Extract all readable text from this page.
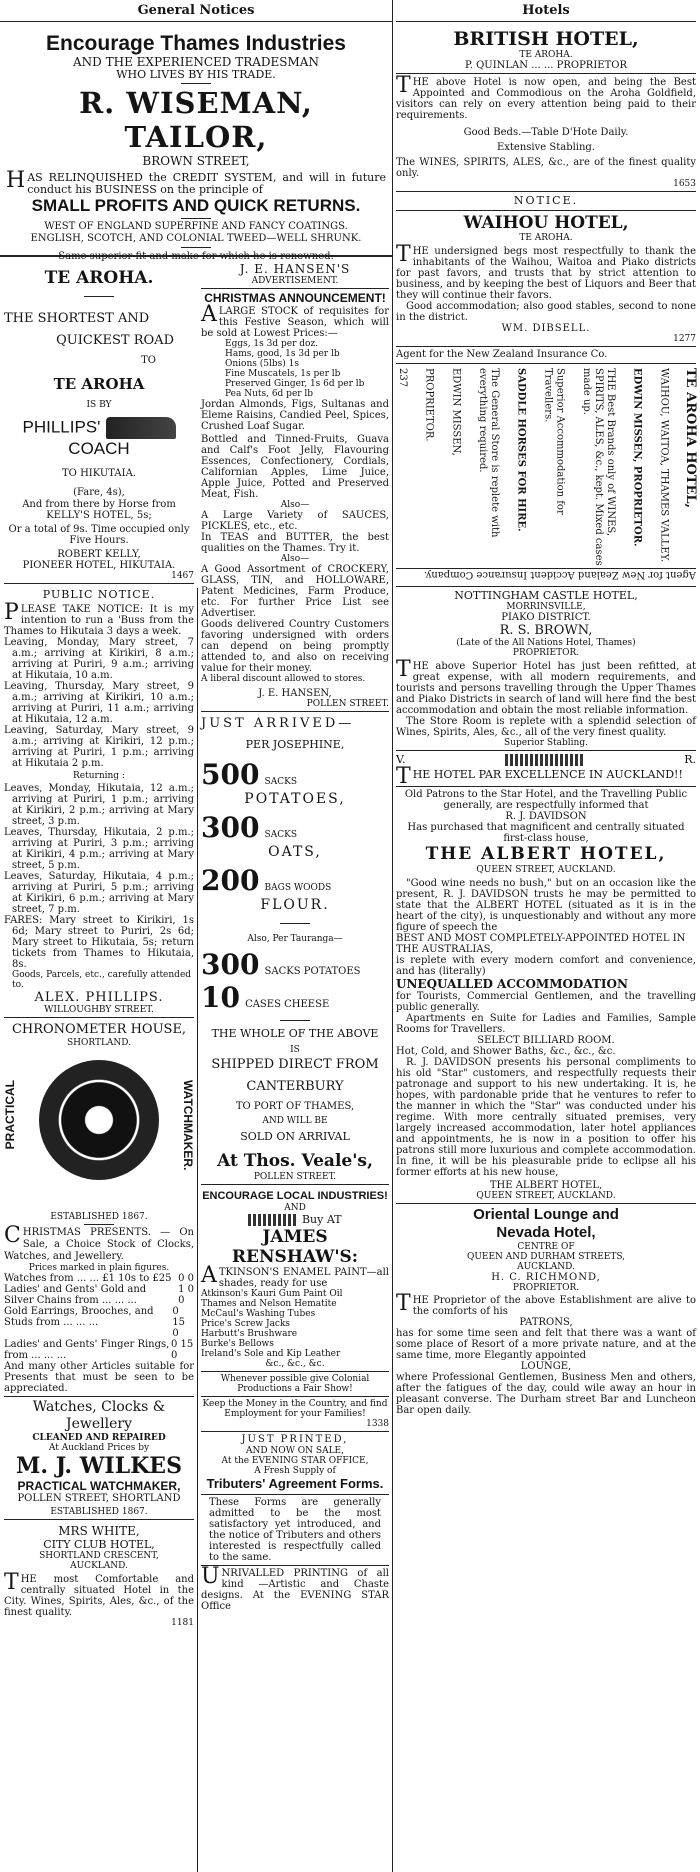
General Notices
Encourage Thames Industries
AND THE EXPERIENCED TRADESMAN
WHO LIVES BY HIS TRADE.
R. WISEMAN, TAILOR,
BROWN STREET,
HAS RELINQUISHED the CREDIT SYSTEM, and will in future conduct his BUSINESS on the principle of
SMALL PROFITS AND QUICK RETURNS.
WEST OF ENGLAND SUPERFINE AND FANCY COATINGS.
ENGLISH, SCOTCH, AND COLONIAL TWEED—WELL SHRUNK.
Same superior fit and make for which he is renowned.
TE AROHA.
THE SHORTEST AND
QUICKEST ROAD
TO
TE AROHA
IS BY
PHILLIPS'  COACH
TO HIKUTAIA.
(Fare, 4s),
And from there by Horse from KELLY'S HOTEL, 5s;
Or a total of 9s. Time occupied only Five Hours.
ROBERT KELLY,
PIONEER HOTEL, HIKUTAIA.
1467
PUBLIC NOTICE.
PLEASE TAKE NOTICE: It is my intention to run a 'Buss from the Thames to Hikutaia 3 days a week.
Leaving, Monday, Mary street, 7 a.m.; arriving at Kirikiri, 8 a.m.; arriving at Puriri, 9 a.m.; arriving at Hikutaia, 10 a.m.
Leaving, Thursday, Mary street, 9 a.m.; arriving at Kirikiri, 10 a.m.; arriving at Puriri, 11 a.m.; arriving at Hikutaia, 12 a.m.
Leaving, Saturday, Mary street, 9 a.m.; arriving at Kirikiri, 12 p.m.; arriving at Puriri, 1 p.m.; arriving at Hikutaia 2 p.m.
Returning :
Leaves, Monday, Hikutaia, 12 a.m.; arriving at Puriri, 1 p.m.; arriving at Kirikiri, 2 p.m.; arriving at Mary street, 3 p.m.
Leaves, Thursday, Hikutaia, 2 p.m.; arriving at Puriri, 3 p.m.; arriving at Kirikiri, 4 p.m.; arriving at Mary street, 5 p.m.
Leaves, Saturday, Hikutaia, 4 p.m.; arriving at Puriri, 5 p.m.; arriving at Kirikiri, 6 p.m.; arriving at Mary street, 7 p.m.
FARES: Mary street to Kirikiri, 1s 6d; Mary street to Puriri, 2s 6d; Mary street to Hikutaia, 5s; return tickets from Thames to Hikutaia, 8s.
Goods, Parcels, etc., carefully attended to.
ALEX. PHILLIPS.
WILLOUGHBY STREET.
CHRONOMETER HOUSE,
SHORTLAND.
PRACTICAL	WATCHMAKER.
ESTABLISHED 1867.
CHRISTMAS PRESENTS. — On Sale, a Choice Stock of Clocks, Watches, and Jewellery.
Prices marked in plain figures.
Watches from ... ... £1 10s to £25 0 0
Ladies' and Gents' Gold and Silver Chains from ... ... ...
1 0 0
Gold Earrings, Brooches, and Studs from ... ... ...
0 15 0
Ladies' and Gents' Finger Rings, from ... ... ...
0 15 0
And many other Articles suitable for Presents that must be seen to be appreciated.
Watches, Clocks & Jewellery
CLEANED AND REPAIRED
At Auckland Prices by
M. J. WILKES
PRACTICAL WATCHMAKER,
POLLEN STREET, SHORTLAND
ESTABLISHED 1867.
MRS WHITE,
CITY CLUB HOTEL,
SHORTLAND CRESCENT,
AUCKLAND.
THE most Comfortable and centrally situated Hotel in the City. Wines, Spirits, Ales, &c., of the finest quality.
1181
J. E. HANSEN'S
ADVERTISEMENT.
CHRISTMAS ANNOUNCEMENT!
ALARGE STOCK of requisites for this Festive Season, which will be sold at Lowest Prices:—
Eggs, 1s 3d per doz.
Hams, good, 1s 3d per lb
Onions (5lbs) 1s
Fine Muscatels, 1s per lb
Preserved Ginger, 1s 6d per lb
Pea Nuts, 6d per lb
Jordan Almonds, Figs, Sultanas and Eleme Raisins, Candied Peel, Spices, Crushed Loaf Sugar.
Bottled and Tinned-Fruits, Guava and Calf's Foot Jelly, Flavouring Essences, Confectionery, Cordials, Californian Apples, Lime Juice, Apple Juice, Potted and Preserved Meat, Fish.
Also—
A Large Variety of SAUCES, PICKLES, etc., etc.
In TEAS and BUTTER, the best qualities on the Thames. Try it.
Also—
A Good Assortment of CROCKERY, GLASS, TIN, and HOLLOWARE, Patent Medicines, Farm Produce, etc. For further Price List see Advertiser.
Goods delivered Country Customers favoring undersigned with orders can depend on being promptly attended to, and also on receiving value for their money.
A liberal discount allowed to stores.
J. E. HANSEN,
POLLEN STREET.
JUST ARRIVED—
PER JOSEPHINE,
500 SACKS
POTATOES,
300 SACKS
OATS,
200 BAGS WOODS
FLOUR.
Also, Per Tauranga—
300 SACKS POTATOES
10 CASES CHEESE
THE WHOLE OF THE ABOVE
IS
SHIPPED DIRECT FROM
CANTERBURY
TO PORT OF THAMES,
AND WILL BE
SOLD ON ARRIVAL
At Thos. Veale's,
POLLEN STREET.
ENCOURAGE LOCAL INDUSTRIES!
AND
Buy AT
JAMES RENSHAW'S:
ATKINSON'S ENAMEL PAINT—all shades, ready for use
Atkinson's Kauri Gum Paint Oil
Thames and Nelson Hematite
McCaul's Washing Tubes
Price's Screw Jacks
Harbutt's Brushware
Burke's Bellows
Ireland's Sole and Kip Leather
&c., &c., &c.
Whenever possible give Colonial Productions a Fair Show!
Keep the Money in the Country, and find Employment for your Families!
1338
JUST PRINTED,
AND NOW ON SALE,
At the EVENING STAR OFFICE,
A Fresh Supply of
Tributers' Agreement Forms.
These Forms are generally admitted to be the most satisfactory yet introduced, and the notice of Tributers and others interested is respectfully called to the same.
UNRIVALLED PRINTING of all kind —Artistic and Chaste designs. At the EVENING STAR Office
Hotels
BRITISH HOTEL,
TE AROHA.
P. QUINLAN ... ... PROPRIETOR
THE above Hotel is now open, and being the Best Appointed and Commodious on the Aroha Goldfield, visitors can rely on every attention being paid to their requirements.
Good Beds.—Table D'Hote Daily.
Extensive Stabling.
The WINES, SPIRITS, ALES, &c., are of the finest quality only.
1653
NOTICE.
WAIHOU HOTEL,
TE AROHA.
THE undersigned begs most respectfully to thank the inhabitants of the Waihou, Waitoa and Piako districts for past favors, and trusts that by strict attention to business, and by keeping the best of Liquors and Beer that they will continue their favors.
Good accommodation; also good stables, second to none in the district.
WM. DIBSELL.
1277
Agent for the New Zealand Insurance Co.
TE AROHA HOTEL,
WAIHOU, WAITOA, THAMES VALLEY.
EDWIN MISSEN, PROPRIETOR.
THE Best Brands only of WINES, SPIRITS, ALES, &c., kept. Mixed cases made up.
Superior Accommodation for Travellers.
SADDLE HORSES FOR HIRE.
The General Store is replete with everything required.
EDWIN MISSEN,
PROPRIETOR.
237
Agent for New Zealand Accident Insurance Company.
NOTTINGHAM CASTLE HOTEL,
MORRINSVILLE,
PIAKO DISTRICT.
R. S. BROWN,
(Late of the All Nations Hotel, Thames)
PROPRIETOR.
THE above Superior Hotel has just been refitted, at great expense, with all modern requirements, and tourists and persons travelling through the Upper Thames and Piako Districts in search of land will here find the best accommodation and obtain the most reliable information.
The Store Room is replete with a splendid selection of Wines, Spirits, Ales, &c., all of the very finest quality.
Superior Stabling.
V.	R.
THE HOTEL PAR EXCELLENCE IN AUCKLAND!!
Old Patrons to the Star Hotel, and the Travelling Public generally, are respectfully informed that
R. J. DAVIDSON
Has purchased that magnificent and centrally situated first-class house,
THE ALBERT HOTEL,
QUEEN STREET, AUCKLAND.
"Good wine needs no bush," but on an occasion like the present, R. J. DAVIDSON trusts he may be permitted to state that the ALBERT HOTEL (situated as it is in the heart of the city), is unquestionably and without any more figure of speech the
BEST AND MOST COMPLETELY-APPOINTED HOTEL IN THE AUSTRALIAS,
is replete with every modern comfort and convenience, and has (literally)
UNEQUALLED ACCOMMODATION
for Tourists, Commercial Gentlemen, and the travelling public generally.
Apartments en Suite for Ladies and Families, Sample Rooms for Travellers.
SELECT BILLIARD ROOM.
Hot, Cold, and Shower Baths, &c., &c., &c.
R. J. DAVIDSON presents his personal compliments to his old "Star" customers, and respectfully requests their patronage and support to his new undertaking. It is, he hopes, with pardonable pride that he ventures to refer to the manner in which the "Star" was conducted under his regime. With more centrally situated premises, very largely increased accommodation, later hotel appliances and appointments, he is now in a position to offer his patrons still more luxurious and complete accommodation. In fine, it will be his pleasurable pride to eclipse all his former efforts at his new house,
THE ALBERT HOTEL,
QUEEN STREET, AUCKLAND.
Oriental Lounge and
Nevada Hotel,
CENTRE OF
QUEEN AND DURHAM STREETS,
AUCKLAND.
H. C. RICHMOND,
PROPRIETOR.
THE Proprietor of the above Establishment are alive to the comforts of his
PATRONS,
has for some time seen and felt that there was a want of some place of Resort of a more private nature, and at the same time, more Elegantly appointed
LOUNGE,
where Professional Gentlemen, Business Men and others, after the fatigues of the day, could wile away an hour in pleasant converse. The Durham street Bar and Luncheon Bar open daily.
